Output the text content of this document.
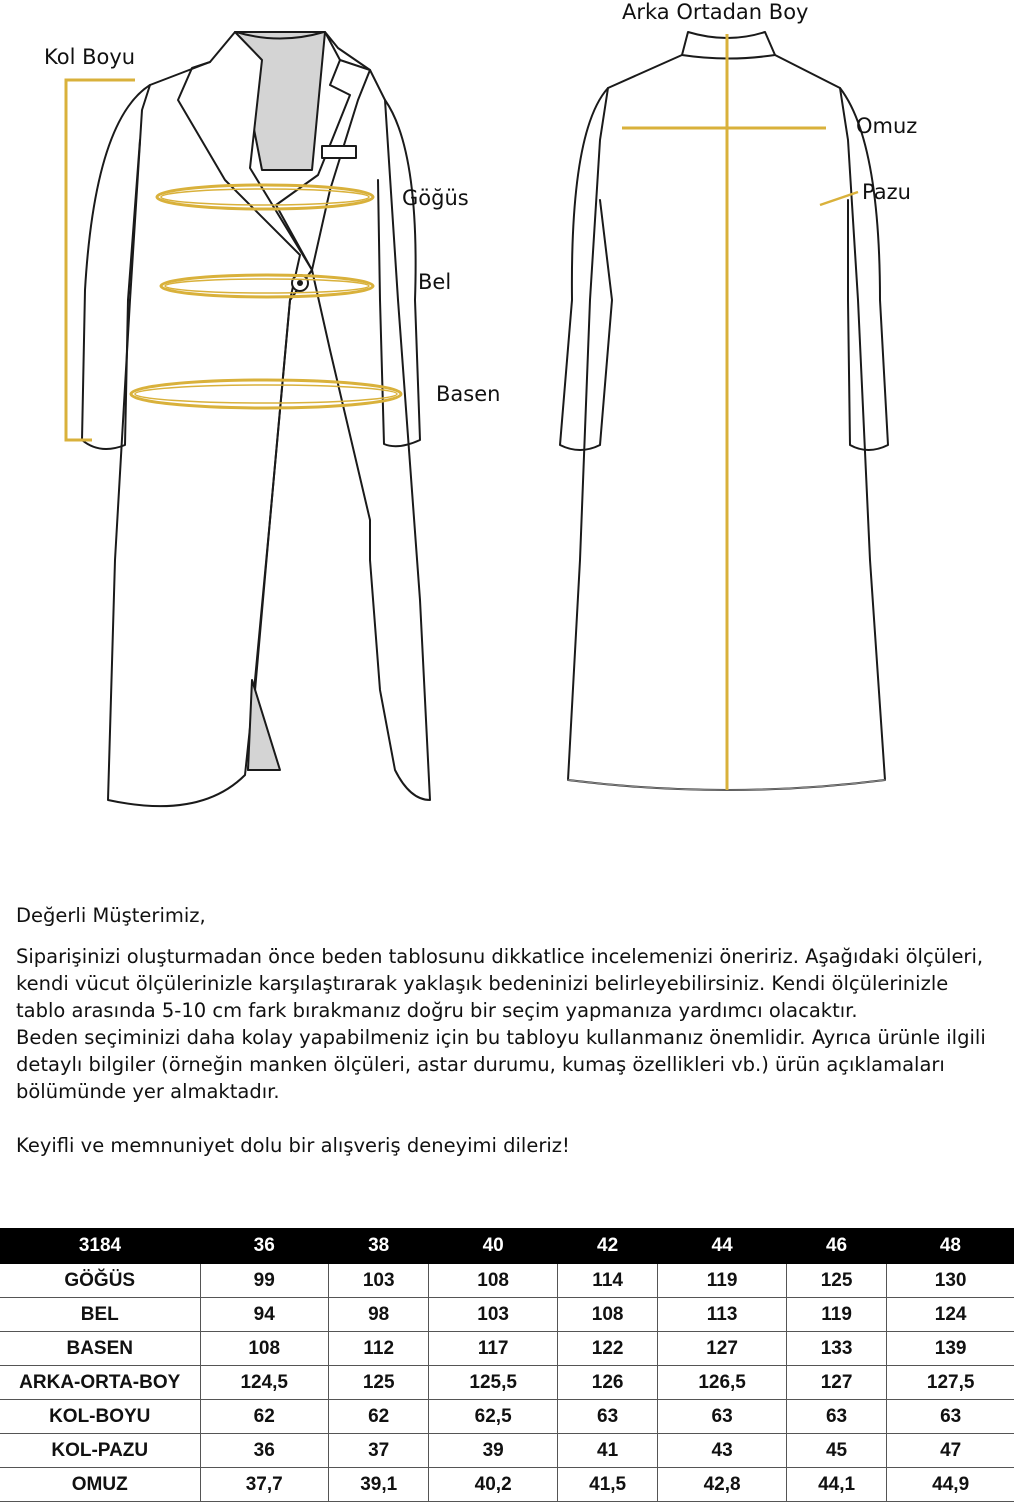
Kol Boyu
Göğüs
Bel
Basen
Arka Ortadan Boy
Omuz
Pazu

Değerli Müşterimiz,

Siparişinizi oluşturmadan önce beden tablosunu dikkatlice incelemenizi öneririz. Aşağıdaki ölçüleri, kendi vücut ölçülerinizle karşılaştırarak yaklaşık bedeninizi belirleyebilirsiniz. Kendi ölçülerinizle tablo arasında 5-10 cm fark bırakmanız doğru bir seçim yapmanıza yardımcı olacaktır.

Beden seçiminizi daha kolay yapabilmeniz için bu tabloyu kullanmanız önemlidir. Ayrıca ürünle ilgili detaylı bilgiler (örneğin manken ölçüleri, astar durumu, kumaş özellikleri vb.) ürün açıklamaları bölümünde yer almaktadır.

Keyifli ve memnuniyet dolu bir alışveriş deneyimi dileriz!

3184	36	38	40	42	44	46	48
GÖĞÜS	99	103	108	114	119	125	130
BEL	94	98	103	108	113	119	124
BASEN	108	112	117	122	127	133	139
ARKA-ORTA-BOY	124,5	125	125,5	126	126,5	127	127,5
KOL-BOYU	62	62	62,5	63	63	63	63
KOL-PAZU	36	37	39	41	43	45	47
OMUZ	37,7	39,1	40,2	41,5	42,8	44,1	44,9
